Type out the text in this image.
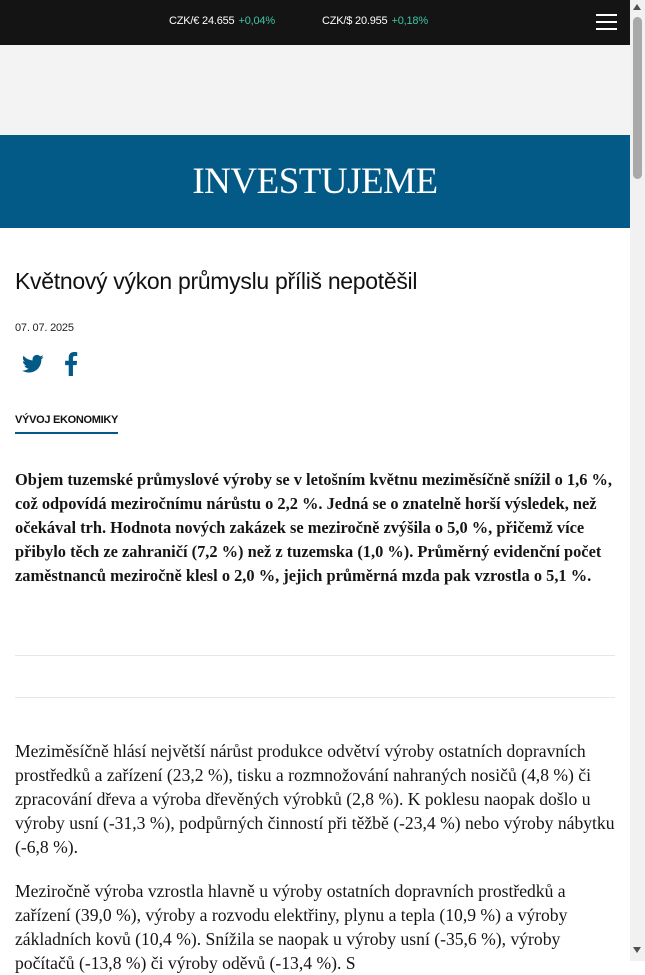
CZK/€ 24.655 +0,04%	CZK/$ 20.955 +0,18%
INVESTUJEME
Květnový výkon průmyslu příliš nepotěšil
07. 07. 2025
VÝVOJ EKONOMIKY

Objem tuzemské průmyslové výroby se v letošním květnu meziměsíčně snížil o 1,6 %, což odpovídá meziročnímu nárůstu o 2,2 %. Jedná se o znatelně horší výsledek, než očekával trh. Hodnota nových zakázek se meziročně zvýšila o 5,0 %, přičemž více přibylo těch ze zahraničí (7,2 %) než z tuzemska (1,0 %). Průměrný evidenční počet zaměstnanců meziročně klesl o 2,0 %, jejich průměrná mzda pak vzrostla o 5,1 %.

Meziměsíčně hlásí největší nárůst produkce odvětví výroby ostatních dopravních prostředků a zařízení (23,2 %), tisku a rozmnožování nahraných nosičů (4,8 %) či zpracování dřeva a výroba dřevěných výrobků (2,8 %). K poklesu naopak došlo u výroby usní (-31,3 %), podpůrných činností při těžbě (-23,4 %) nebo výroby nábytku (-6,8 %).

Meziročně výroba vzrostla hlavně u výroby ostatních dopravních prostředků a zařízení (39,0 %), výroby a rozvodu elektřiny, plynu a tepla (10,9 %) a výroby základních kovů (10,4 %). Snížila se naopak u výroby usní (-35,6 %), výroby počítačů (-13,8 %) či výroby oděvů (-13,4 %). S
